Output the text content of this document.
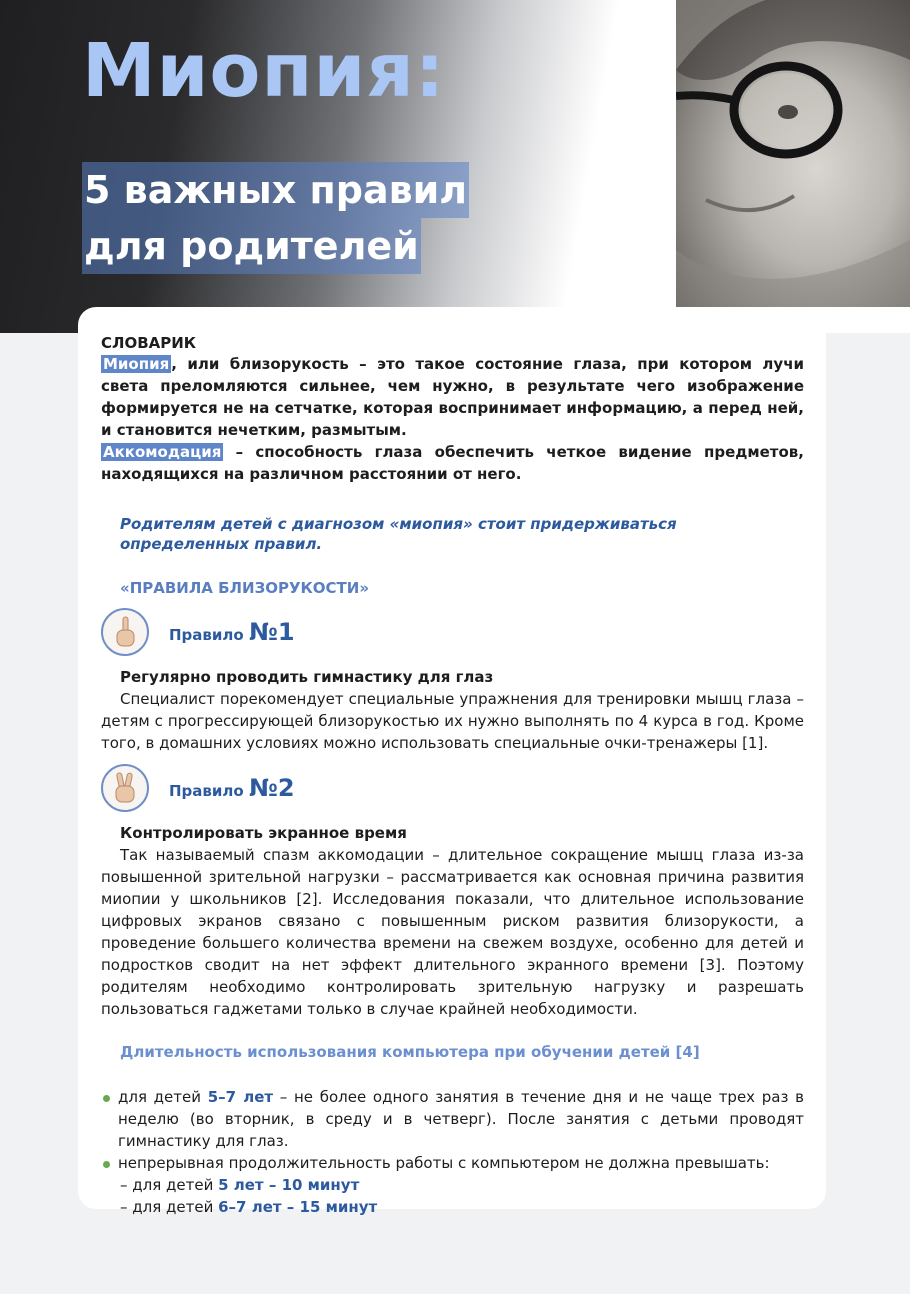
Миопия:
5 важных правил
для родителей

СЛОВАРИК

Миопия , или близорукость – это такое состояние глаза, при котором лучи света преломляются сильнее, чем нужно, в результате чего изображение формируется не на сетчатке, которая воспринимает информацию, а перед ней, и становится нечетким, размытым.

Аккомодация – способность глаза обеспечить четкое видение предметов, находящихся на различном расстоянии от него.

Родителям детей с диагнозом «миопия» стоит придерживаться определенных правил.

«ПРАВИЛА БЛИЗОРУКОСТИ»

Правило №1

Регулярно проводить гимнастику для глаз

Специалист порекомендует специальные упражнения для тренировки мышц глаза – детям с прогрессирующей близорукостью их нужно выполнять по 4 курса в год. Кроме того, в домашних условиях можно использовать специальные очки-тренажеры [1].

Правило №2

Контролировать экранное время

Так называемый спазм аккомодации – длительное сокращение мышц глаза из-за повышенной зрительной нагрузки – рассматривается как основная причина развития миопии у школьников [2]. Исследования показали, что длительное использование цифровых экранов связано с повышенным риском развития близорукости, а проведение большего количества времени на свежем воздухе, особенно для детей и подростков сводит на нет эффект длительного экранного времени [3]. Поэтому родителям необходимо контролировать зрительную нагрузку и разрешать пользоваться гаджетами только в случае крайней необходимости.

Длительность использования компьютера при обучении детей [4]

для детей 5–7 лет – не более одного занятия в течение дня и не чаще трех раз в неделю (во вторник, в среду и в четверг). После занятия с детьми проводят гимнастику для глаз.
непрерывная продолжительность работы с компьютером не должна превышать:
– для детей 5 лет – 10 минут
– для детей 6–7 лет – 15 минут
